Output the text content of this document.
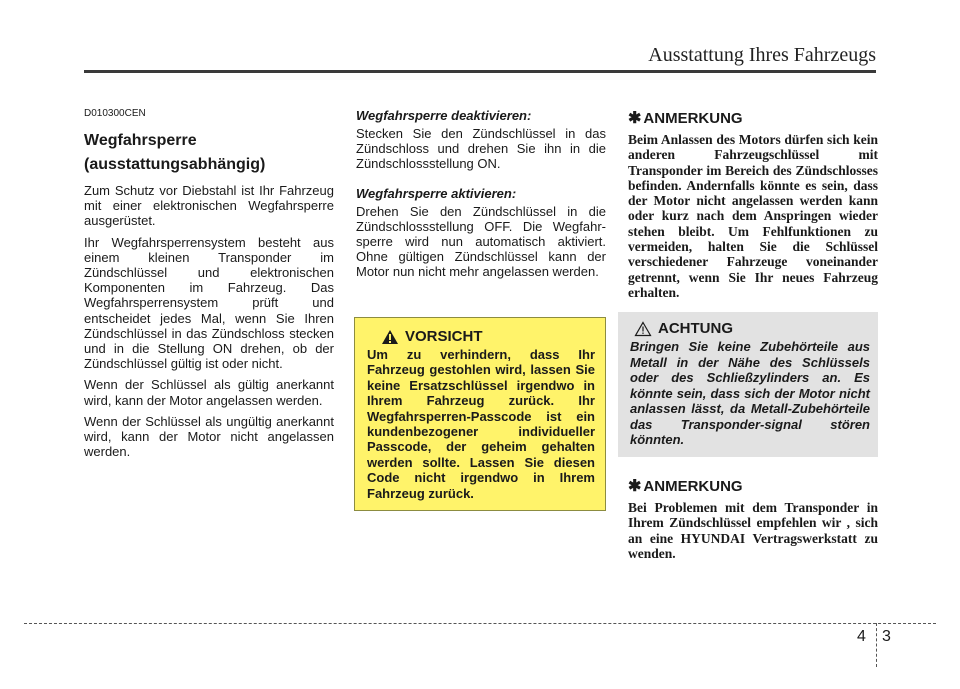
Ausstattung Ihres Fahrzeugs
D010300CEN
Wegfahrsperre
(ausstattungsabhängig)

Zum Schutz vor Diebstahl ist Ihr Fahrzeug mit einer elektronischen Wegfahrsperre ausgerüstet.

Ihr Wegfahrsperrensystem besteht aus einem kleinen Transponder im Zündschlüssel und elektronischen Komponenten im Fahrzeug. Das Wegfahrsperrensystem prüft und entscheidet jedes Mal, wenn Sie Ihren Zündschlüssel in das Zündschloss stecken und in die Stellung ON drehen, ob der Zündschlüssel gültig ist oder nicht.

Wenn der Schlüssel als gültig anerkannt wird, kann der Motor angelassen werden.

Wenn der Schlüssel als ungültig anerkannt wird, kann der Motor nicht angelassen werden.

Wegfahrsperre deaktivieren:

Stecken Sie den Zündschlüssel in das Zündschloss und drehen Sie ihn in die Zündschlossstellung ON.

Wegfahrsperre aktivieren:

Drehen Sie den Zündschlüssel in die Zündschlossstellung OFF. Die Wegfahr-sperre wird nun automatisch aktiviert. Ohne gültigen Zündschlüssel kann der Motor nun nicht mehr angelassen werden.

VORSICHT
Um zu verhindern, dass Ihr Fahrzeug gestohlen wird, lassen Sie keine Ersatzschlüssel irgendwo in Ihrem Fahrzeug zurück. Ihr Wegfahrsperren-Passcode ist ein kundenbezogener individueller Passcode, der geheim gehalten werden sollte. Lassen Sie diesen Code nicht irgendwo in Ihrem Fahrzeug zurück.
✱ ANMERKUNG
Beim Anlassen des Motors dürfen sich kein anderen Fahrzeugschlüssel mit Transponder im Bereich des Zündschlosses befinden. Andernfalls könnte es sein, dass der Motor nicht angelassen werden kann oder kurz nach dem Anspringen wieder stehen bleibt. Um Fehlfunktionen zu vermeiden, halten Sie die Schlüssel verschiedener Fahrzeuge voneinander getrennt, wenn Sie Ihr neues Fahrzeug erhalten.
ACHTUNG
Bringen Sie keine Zubehörteile aus Metall in der Nähe des Schlüssels oder des Schließzylinders an. Es könnte sein, dass sich der Motor nicht anlassen lässt, da Metall-Zubehörteile das Transponder-signal stören könnten.
✱ ANMERKUNG
Bei Problemen mit dem Transponder in Ihrem Zündschlüssel empfehlen wir , sich an eine HYUNDAI Vertragswerkstatt zu wenden.
4 3
